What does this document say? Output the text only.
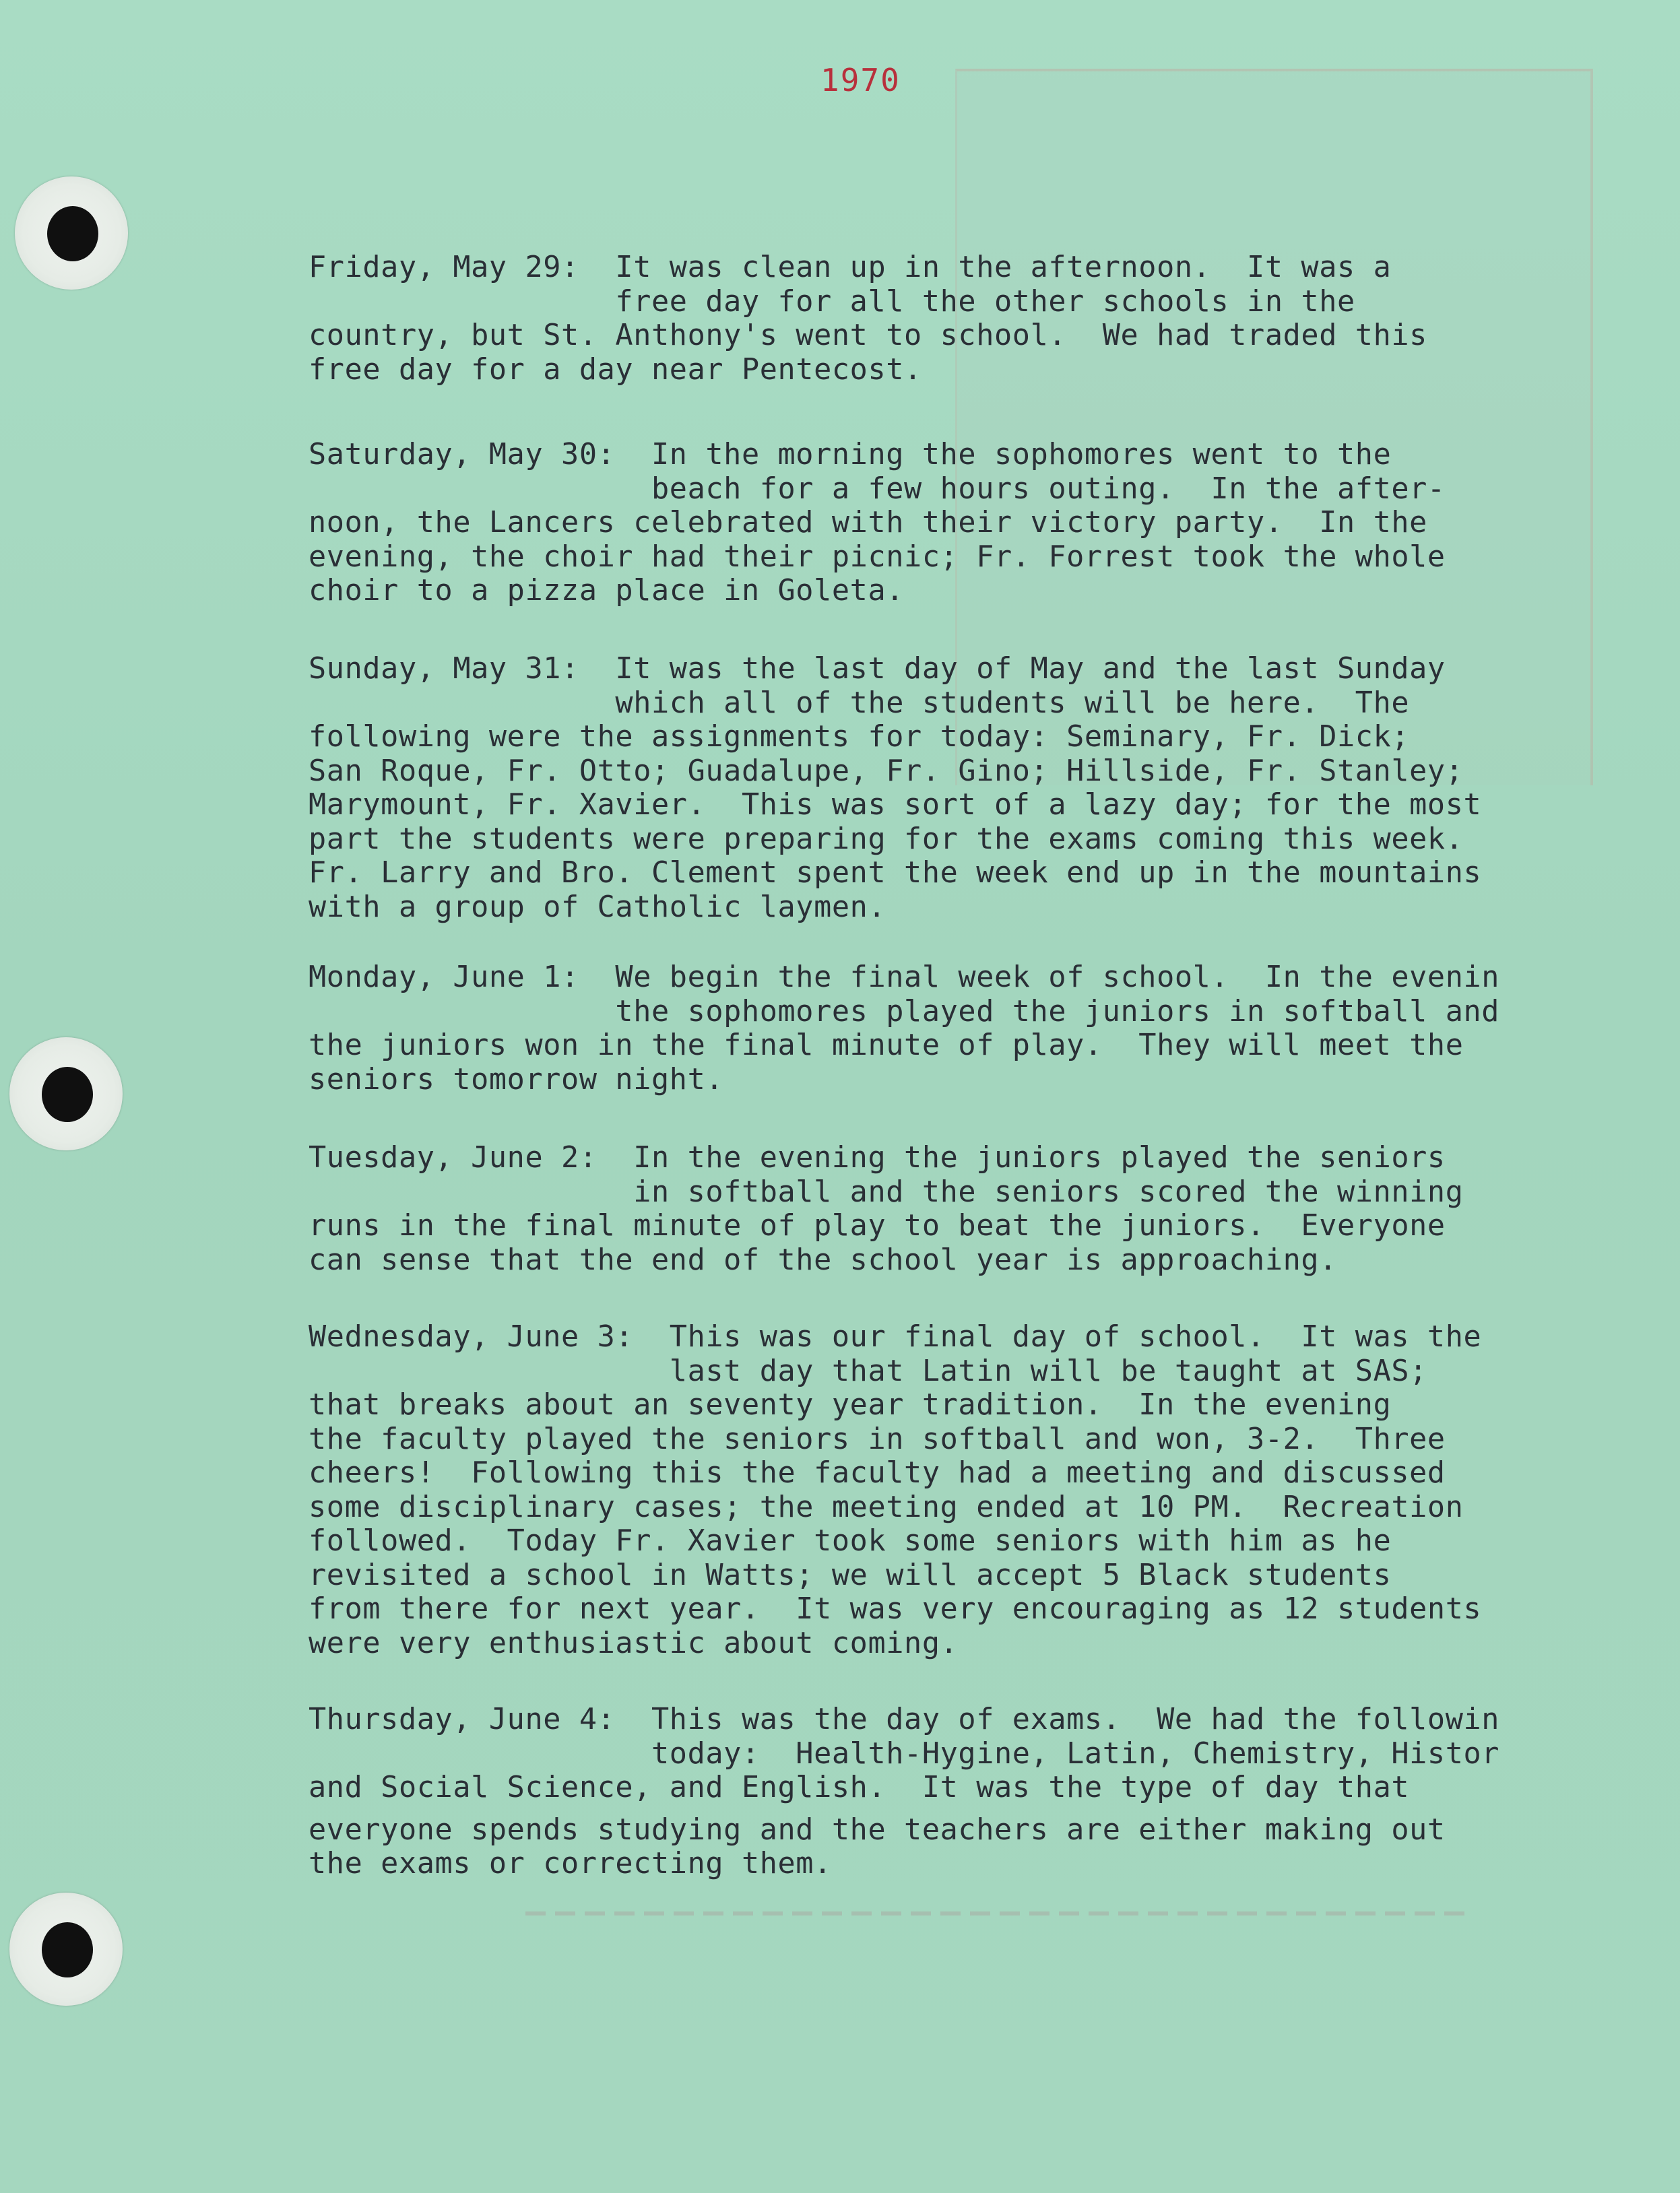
1970
Friday, May 29:  It was clean up in the afternoon.  It was a
free day for all the other schools in the
country, but St. Anthony's went to school.  We had traded this
free day for a day near Pentecost.
Saturday, May 30:  In the morning the sophomores went to the
beach for a few hours outing.  In the after-
noon, the Lancers celebrated with their victory party.  In the
evening, the choir had their picnic; Fr. Forrest took the whole
choir to a pizza place in Goleta.
Sunday, May 31:  It was the last day of May and the last Sunday
which all of the students will be here.  The
following were the assignments for today: Seminary, Fr. Dick;
San Roque, Fr. Otto; Guadalupe, Fr. Gino; Hillside, Fr. Stanley;
Marymount, Fr. Xavier.  This was sort of a lazy day; for the most
part the students were preparing for the exams coming this week.
Fr. Larry and Bro. Clement spent the week end up in the mountains
with a group of Catholic laymen.
Monday, June 1:  We begin the final week of school.  In the evenin
the sophomores played the juniors in softball and
the juniors won in the final minute of play.  They will meet the
seniors tomorrow night.
Tuesday, June 2:  In the evening the juniors played the seniors
in softball and the seniors scored the winning
runs in the final minute of play to beat the juniors.  Everyone
can sense that the end of the school year is approaching.
Wednesday, June 3:  This was our final day of school.  It was the
last day that Latin will be taught at SAS;
that breaks about an seventy year tradition.  In the evening
the faculty played the seniors in softball and won, 3-2.  Three
cheers!  Following this the faculty had a meeting and discussed
some disciplinary cases; the meeting ended at 10 PM.  Recreation
followed.  Today Fr. Xavier took some seniors with him as he
revisited a school in Watts; we will accept 5 Black students
from there for next year.  It was very encouraging as 12 students
were very enthusiastic about coming.
Thursday, June 4:  This was the day of exams.  We had the followin
today:  Health-Hygine, Latin, Chemistry, Histor
and Social Science, and English.  It was the type of day that
everyone spends studying and the teachers are either making out
the exams or correcting them.
